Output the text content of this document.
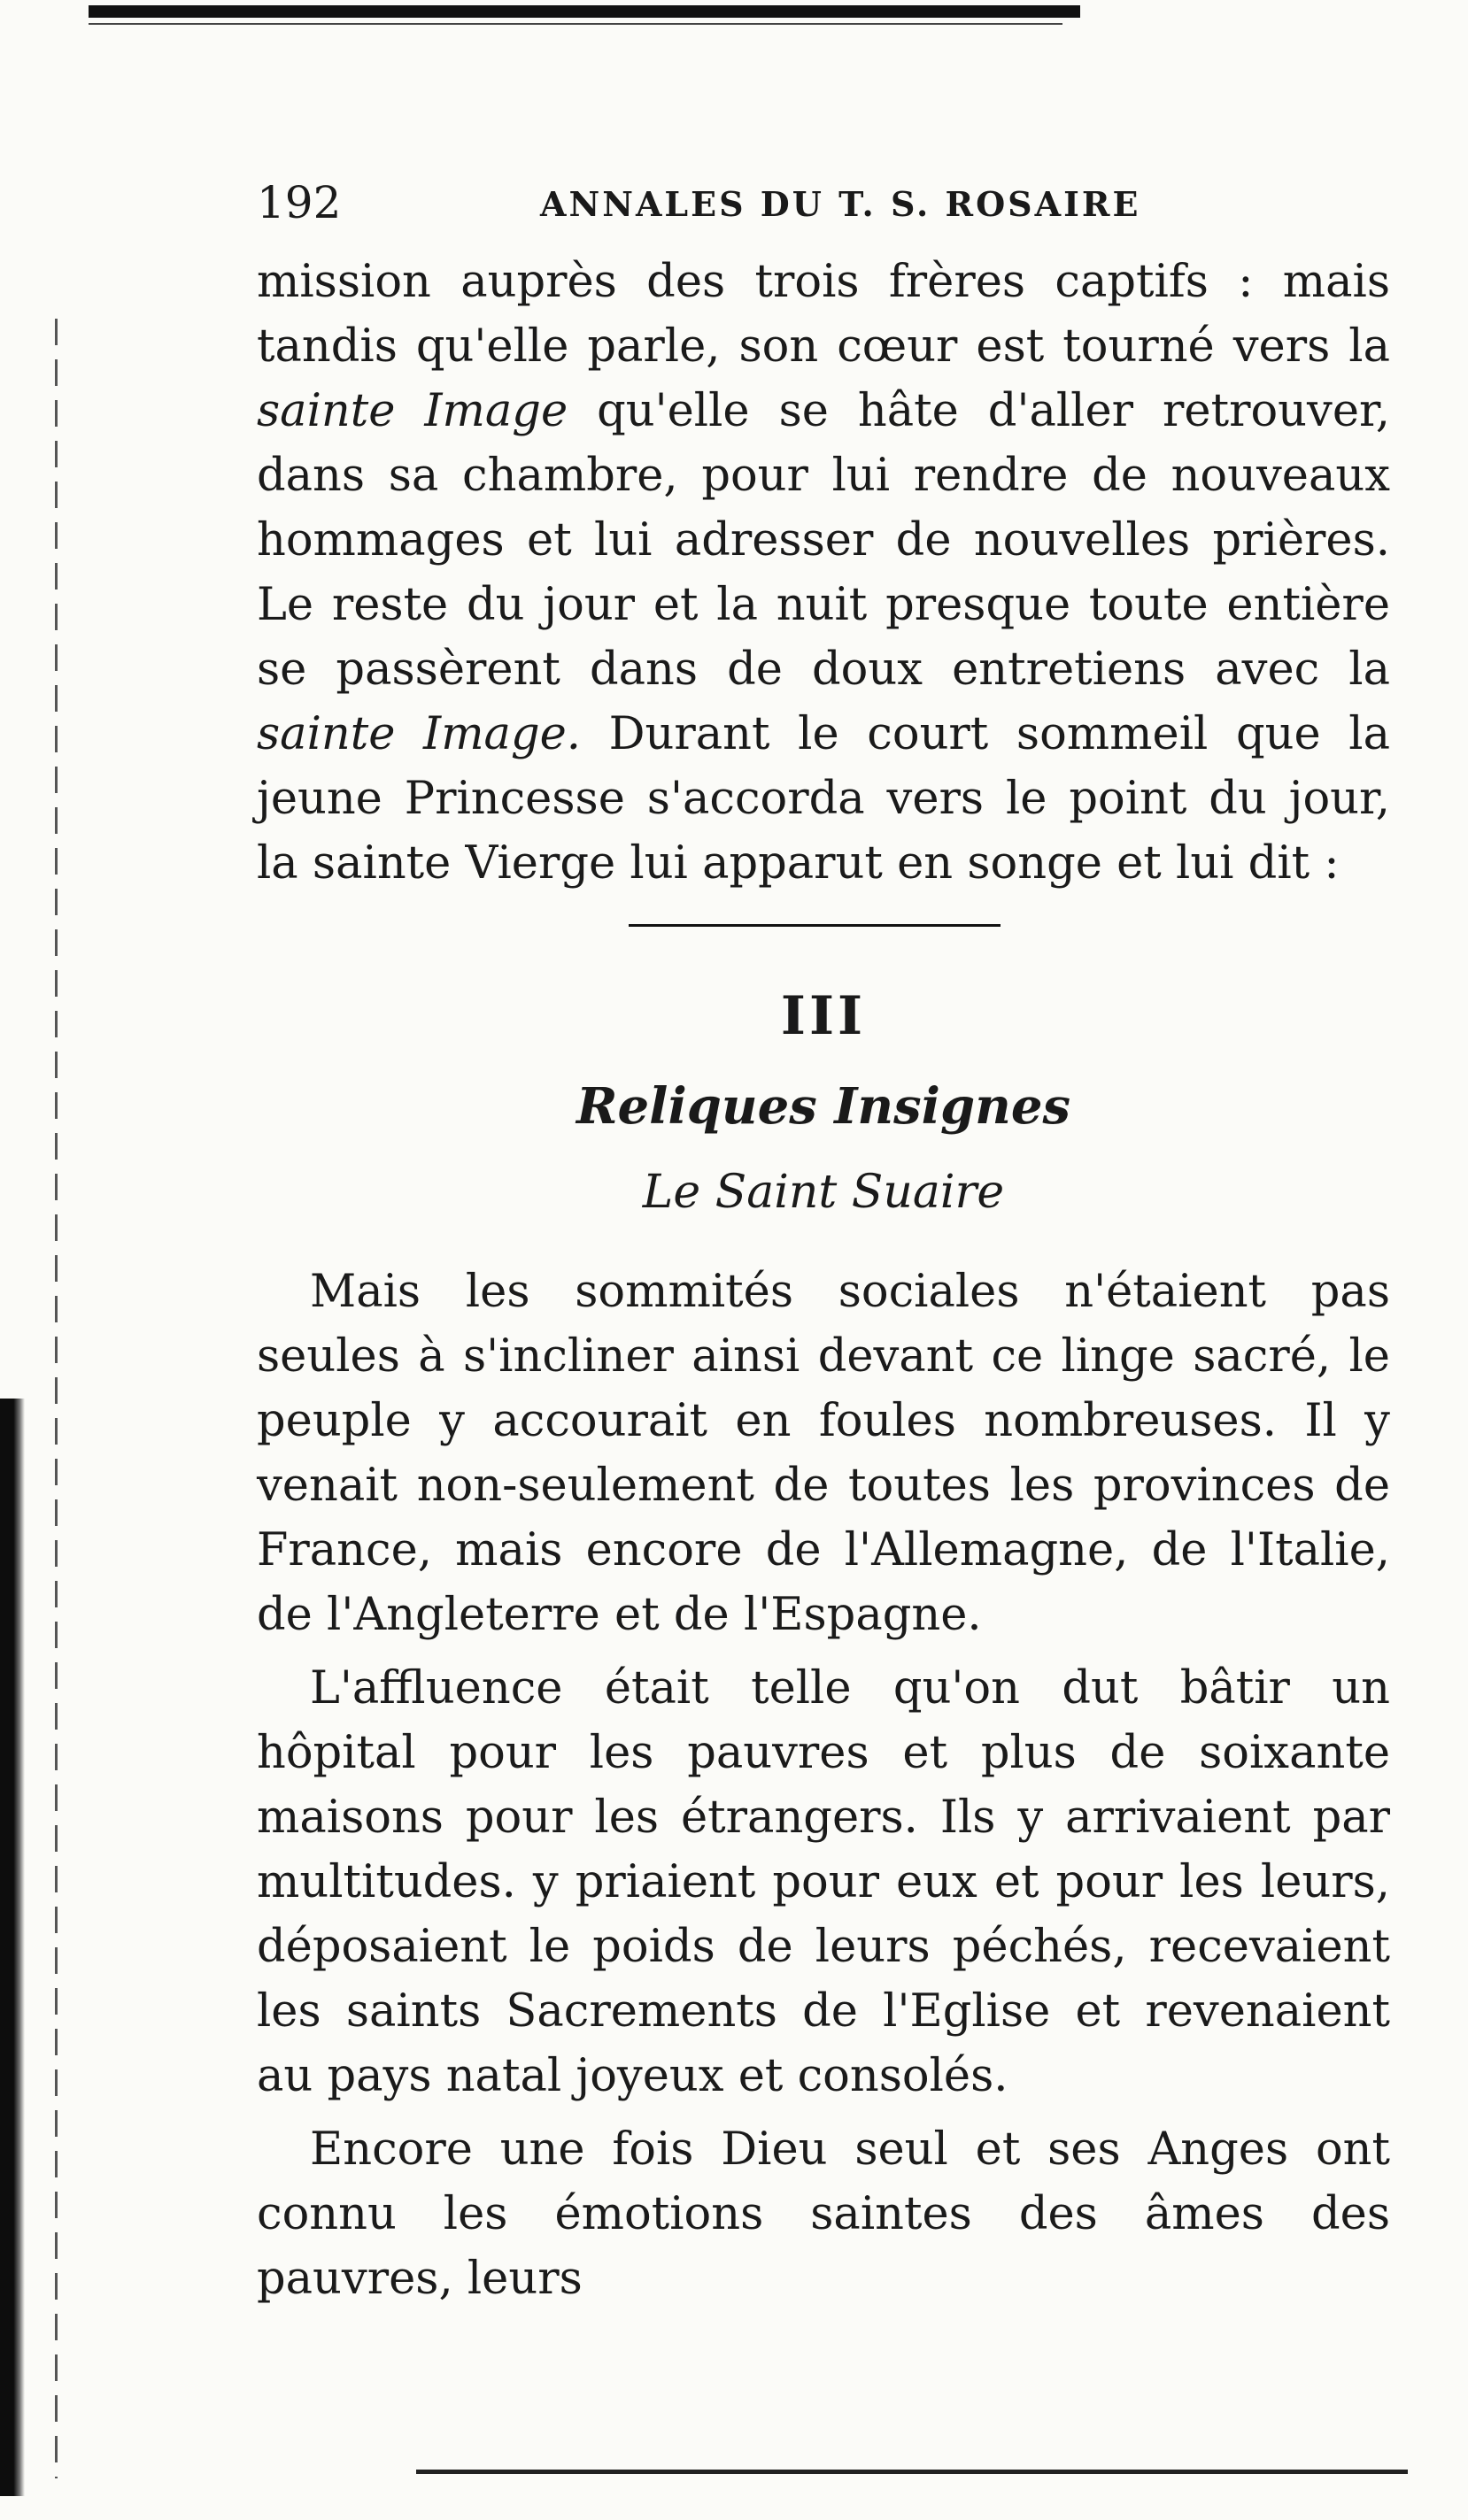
192	ANNALES DU T. S. ROSAIRE

mission auprès des trois frères captifs : mais tandis qu'elle parle, son cœur est tourné vers la sainte Image qu'elle se hâte d'aller retrouver, dans sa chambre, pour lui rendre de nouveaux hommages et lui adresser de nouvelles prières. Le reste du jour et la nuit presque toute entière se passèrent dans de doux entretiens avec la sainte Image. Durant le court sommeil que la jeune Princesse s'accorda vers le point du jour, la sainte Vierge lui apparut en songe et lui dit :

III
Reliques Insignes
Le Saint Suaire

Mais les sommités sociales n'étaient pas seules à s'incliner ainsi devant ce linge sacré, le peuple y accourait en foules nombreuses. Il y venait non-seulement de toutes les provinces de France, mais encore de l'Allemagne, de l'Italie, de l'Angleterre et de l'Espagne.

L'affluence était telle qu'on dut bâtir un hôpital pour les pauvres et plus de soixante maisons pour les étrangers. Ils y arrivaient par multitudes. y priaient pour eux et pour les leurs, déposaient le poids de leurs péchés, recevaient les saints Sacrements de l'Eglise et revenaient au pays natal joyeux et consolés.

Encore une fois Dieu seul et ses Anges ont connu les émotions saintes des âmes des pauvres, leurs
